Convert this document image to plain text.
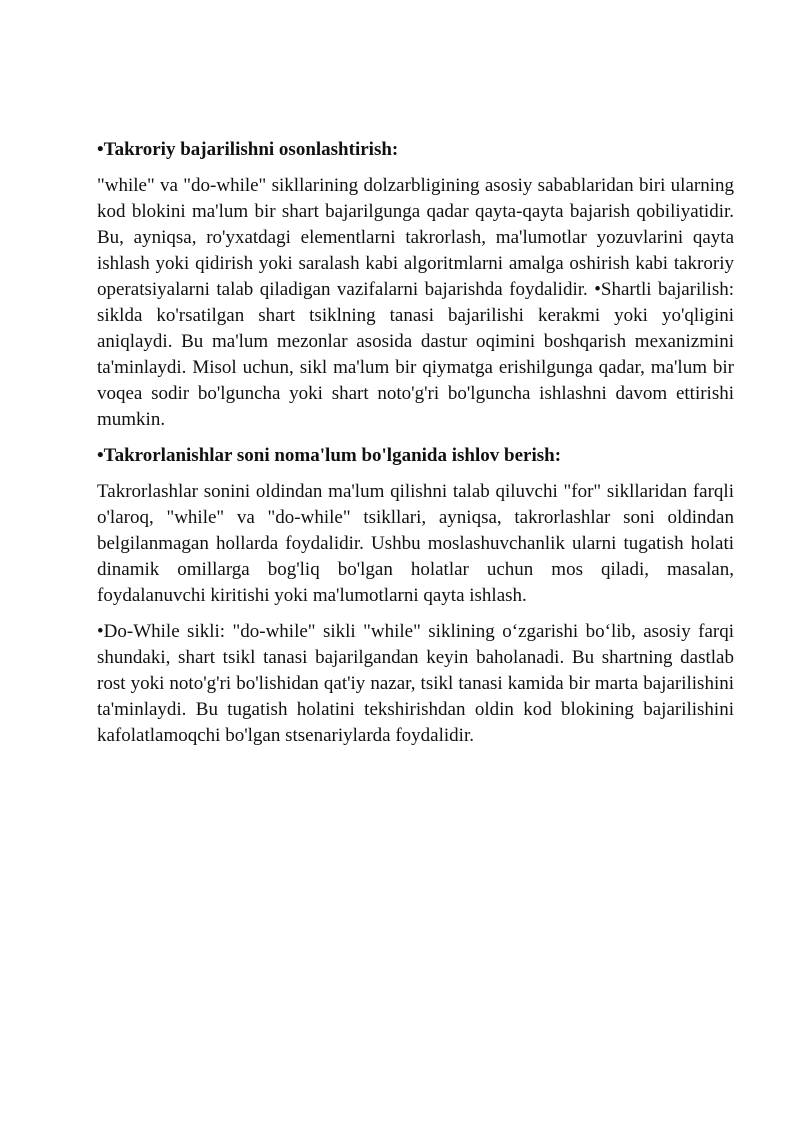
•Takroriy bajarilishni osonlashtirish:
"while" va "do-while" sikllarining dolzarbligining asosiy sabablaridan biri ularning kod blokini ma'lum bir shart bajarilgunga qadar qayta-qayta bajarish qobiliyatidir. Bu, ayniqsa, ro'yxatdagi elementlarni takrorlash, ma'lumotlar yozuvlarini qayta ishlash yoki qidirish yoki saralash kabi algoritmlarni amalga oshirish kabi takroriy operatsiyalarni talab qiladigan vazifalarni bajarishda foydalidir. •Shartli bajarilish: siklda ko'rsatilgan shart tsiklning tanasi bajarilishi kerakmi yoki yo'qligini aniqlaydi. Bu ma'lum mezonlar asosida dastur oqimini boshqarish mexanizmini ta'minlaydi. Misol uchun, sikl ma'lum bir qiymatga erishilgunga qadar, ma'lum bir voqea sodir bo'lguncha yoki shart noto'g'ri bo'lguncha ishlashni davom ettirishi mumkin.
•Takrorlanishlar soni noma'lum bo'lganida ishlov berish:
Takrorlashlar sonini oldindan ma'lum qilishni talab qiluvchi "for" sikllaridan farqli o'laroq, "while" va "do-while" tsikllari, ayniqsa, takrorlashlar soni oldindan belgilanmagan hollarda foydalidir. Ushbu moslashuvchanlik ularni tugatish holati dinamik omillarga bog'liq bo'lgan holatlar uchun mos qiladi, masalan, foydalanuvchi kiritishi yoki ma'lumotlarni qayta ishlash.
•Do-While sikli: "do-while" sikli "while" siklining oʻzgarishi boʻlib, asosiy farqi shundaki, shart tsikl tanasi bajarilgandan keyin baholanadi. Bu shartning dastlab rost yoki noto'g'ri bo'lishidan qat'iy nazar, tsikl tanasi kamida bir marta bajarilishini ta'minlaydi. Bu tugatish holatini tekshirishdan oldin kod blokining bajarilishini kafolatlamoqchi bo'lgan stsenariylarda foydalidir.
